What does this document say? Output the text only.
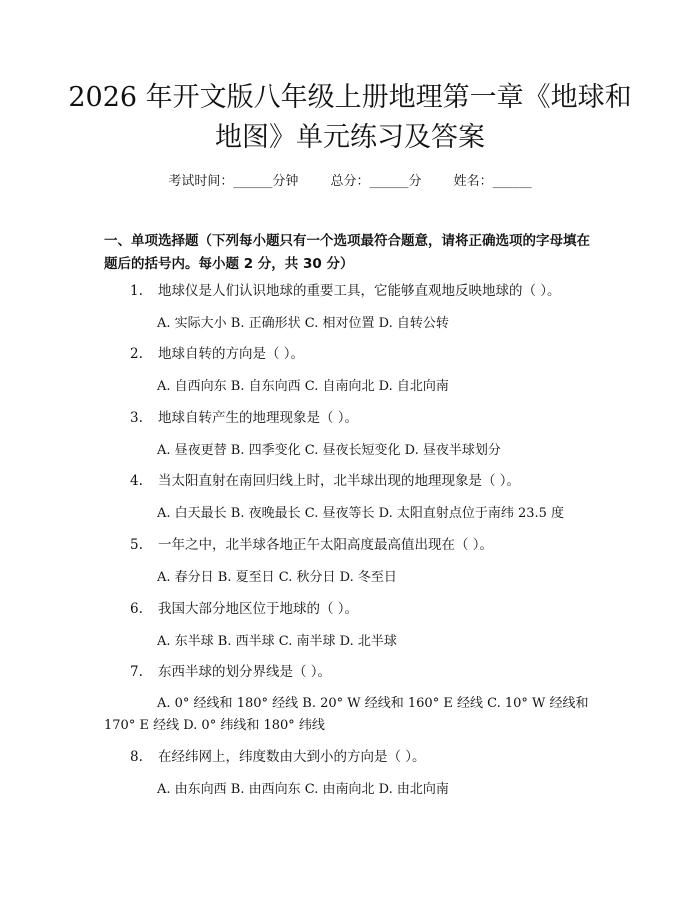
2026 年开文版八年级上册地理第一章《地球和地图》单元练习及答案
考试时间：______分钟 总分：______分 姓名：______
一、单项选择题（下列每小题只有一个选项最符合题意，请将正确选项的字母填在题后的括号内。每小题 2 分，共 30 分）
1. 地球仪是人们认识地球的重要工具，它能够直观地反映地球的（ ）。
A. 实际大小 B. 正确形状 C. 相对位置 D. 自转公转
2. 地球自转的方向是（ ）。
A. 自西向东 B. 自东向西 C. 自南向北 D. 自北向南
3. 地球自转产生的地理现象是（ ）。
A. 昼夜更替 B. 四季变化 C. 昼夜长短变化 D. 昼夜半球划分
4. 当太阳直射在南回归线上时，北半球出现的地理现象是（ ）。
A. 白天最长 B. 夜晚最长 C. 昼夜等长 D. 太阳直射点位于南纬 23.5 度
5. 一年之中，北半球各地正午太阳高度最高值出现在（ ）。
A. 春分日 B. 夏至日 C. 秋分日 D. 冬至日
6. 我国大部分地区位于地球的（ ）。
A. 东半球 B. 西半球 C. 南半球 D. 北半球
7. 东西半球的划分界线是（ ）。
A. 0° 经线和 180° 经线 B. 20° W 经线和 160° E 经线 C. 10° W 经线和 170° E 经线 D. 0° 纬线和 180° 纬线
8. 在经纬网上，纬度数由大到小的方向是（ ）。
A. 由东向西 B. 由西向东 C. 由南向北 D. 由北向南
